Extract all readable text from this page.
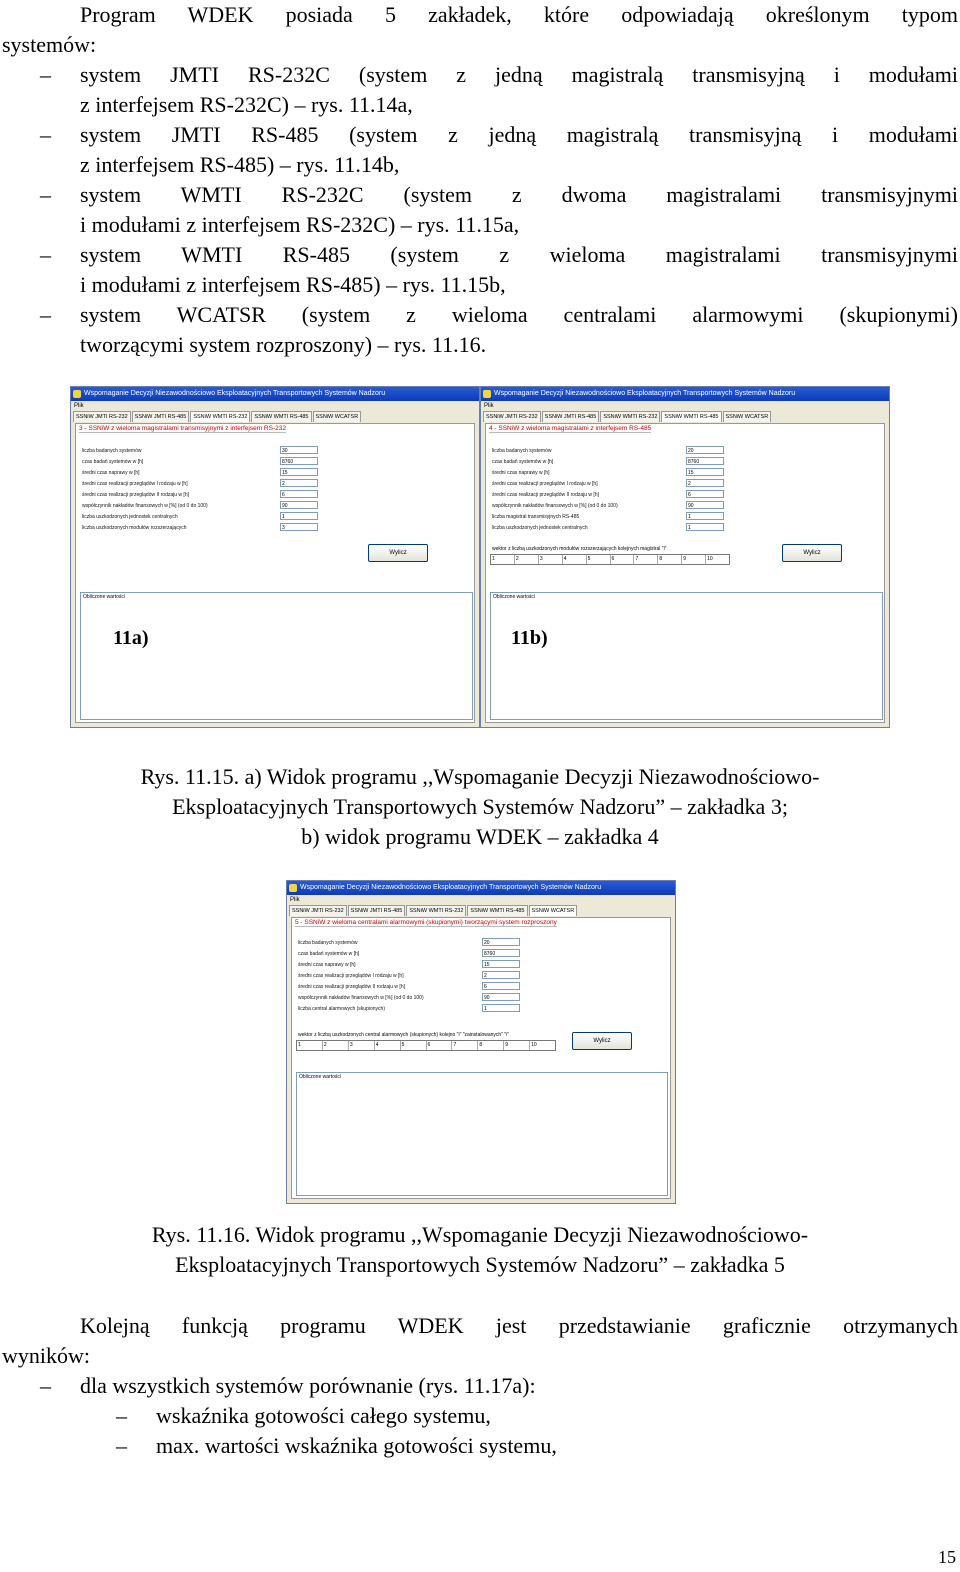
Program WDEK posiada 5 zakładek, które odpowiadają określonym typom
systemów:
– system JMTI RS-232C (system z jedną magistralą transmisyjną i modułami
z interfejsem RS-232C) – rys. 11.14a,
– system JMTI RS-485 (system z jedną magistralą transmisyjną i modułami
z interfejsem RS-485) – rys. 11.14b,
– system WMTI RS-232C (system z dwoma magistralami transmisyjnymi
i modułami z interfejsem RS-232C) – rys. 11.15a,
– system WMTI RS-485 (system z wieloma magistralami transmisyjnymi
i modułami z interfejsem RS-485) – rys. 11.15b,
– system WCATSR (system z wieloma centralami alarmowymi (skupionymi)
tworzącymi system rozproszony) – rys. 11.16.
Wspomaganie Decyzji Niezawodnościowo Eksploatacyjnych Transportowych Systemów Nadzoru
Plik
SSNiW JMTI RS-232	SSNiW JMTI RS-485	SSNiW WMTI RS-232	SSNiW WMTI RS-485	SSNiW WCATSR
3 - SSNiW z wieloma magistralami transmisyjnymi z interfejsem RS-232
liczba badanych systemów	30
czas badań systemów w [h]	8760
średni czas naprawy w [h]	15
średni czas realizacji przeglądów I rodzaju w [h]	2
średni czas realizacji przeglądów II rodzaju w [h]	6
współczynnik nakładów finansowych w [%] (od 0 do 100)	90
liczba uszkodzonych jednostek centralnych	1
liczba uszkodzonych modułów rozszerzających	3
Wylicz
Obliczone wartości
11a)
Wspomaganie Decyzji Niezawodnościowo Eksploatacyjnych Transportowych Systemów Nadzoru
Plik
SSNiW JMTI RS-232	SSNiW JMTI RS-485	SSNiW WMTI RS-232	SSNiW WMTI RS-485	SSNiW WCATSR
4 - SSNiW z wieloma magistralami z interfejsem RS-485
liczba badanych systemów	20
czas badań systemów w [h]	8760
średni czas naprawy w [h]	15
średni czas realizacji przeglądów I rodzaju w [h]	2
średni czas realizacji przeglądów II rodzaju w [h]	6
współczynnik nakładów finansowych w [%] (od 0 do 100)	90
liczba magistral transmisyjnych RS-485	1
liczba uszkodzonych jednostek centralnych	1
wektor z liczbą uszkodzonych modułów rozszerzających kolejnych magistral "i"
1	2	3	4	5	6	7	8	9	10
Wylicz
Obliczone wartości
11b)
Rys. 11.15. a) Widok programu ,,Wspomaganie Decyzji Niezawodnościowo-
Eksploatacyjnych Transportowych Systemów Nadzoru” – zakładka 3;
b) widok programu WDEK – zakładka 4
Wspomaganie Decyzji Niezawodnościowo Eksploatacyjnych Transportowych Systemów Nadzoru
Plik
SSNiW JMTI RS-232	SSNiW JMTI RS-485	SSNiW WMTI RS-232	SSNiW WMTI RS-485	SSNiW WCATSR
5 - SSNiW z wieloma centralami alarmowymi (skupionymi) tworzącymi system rozproszony
liczba badanych systemów	20
czas badań systemów w [h]	8760
średni czas naprawy w [h]	15
średni czas realizacji przeglądów I rodzaju w [h]	2
średni czas realizacji przeglądów II rodzaju w [h]	6
współczynnik nakładów finansowych w [%] (od 0 do 100)	90
liczba central alarmowych (skupionych)	1
wektor z liczbą uszkodzonych central alarmowych (skupionych) kolejno "i" "zainstalowanych" "i"
1	2	3	4	5	6	7	8	9	10
Wylicz
Obliczone wartości
Rys. 11.16. Widok programu ,,Wspomaganie Decyzji Niezawodnościowo-
Eksploatacyjnych Transportowych Systemów Nadzoru” – zakładka 5
Kolejną funkcją programu WDEK jest przedstawianie graficznie otrzymanych
wyników:
– dla wszystkich systemów porównanie (rys. 11.17a):
– wskaźnika gotowości całego systemu,
– max. wartości wskaźnika gotowości systemu,
15
